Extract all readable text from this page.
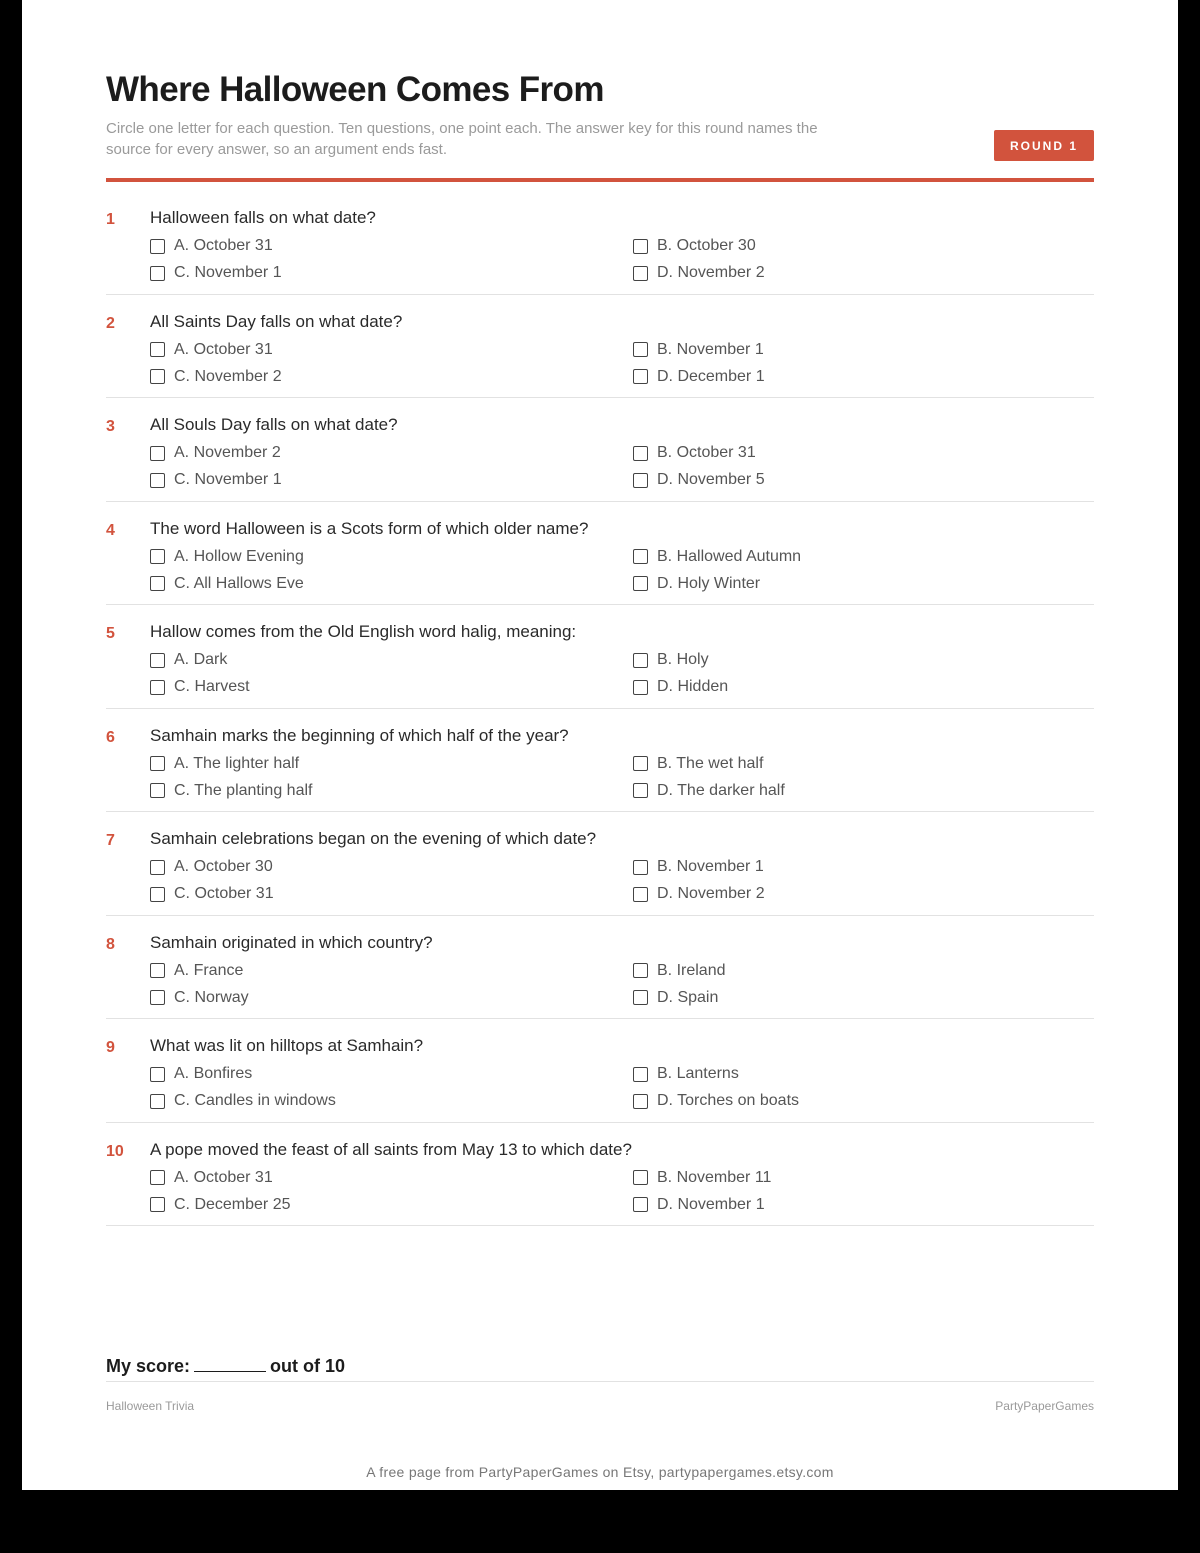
Where Halloween Comes From
Circle one letter for each question. Ten questions, one point each. The answer key for this round names the source for every answer, so an argument ends fast.	ROUND 1
1 Halloween falls on what date?
A. October 31	B. October 30
C. November 1	D. November 2
2 All Saints Day falls on what date?
A. October 31	B. November 1
C. November 2	D. December 1
3 All Souls Day falls on what date?
A. November 2	B. October 31
C. November 1	D. November 5
4 The word Halloween is a Scots form of which older name?
A. Hollow Evening	B. Hallowed Autumn
C. All Hallows Eve	D. Holy Winter
5 Hallow comes from the Old English word halig, meaning:
A. Dark	B. Holy
C. Harvest	D. Hidden
6 Samhain marks the beginning of which half of the year?
A. The lighter half	B. The wet half
C. The planting half	D. The darker half
7 Samhain celebrations began on the evening of which date?
A. October 30	B. November 1
C. October 31	D. November 2
8 Samhain originated in which country?
A. France	B. Ireland
C. Norway	D. Spain
9 What was lit on hilltops at Samhain?
A. Bonfires	B. Lanterns
C. Candles in windows	D. Torches on boats
10 A pope moved the feast of all saints from May 13 to which date?
A. October 31	B. November 11
C. December 25	D. November 1
My score:	out of 10
Halloween Trivia	PartyPaperGames
A free page from PartyPaperGames on Etsy, partypapergames.etsy.com
